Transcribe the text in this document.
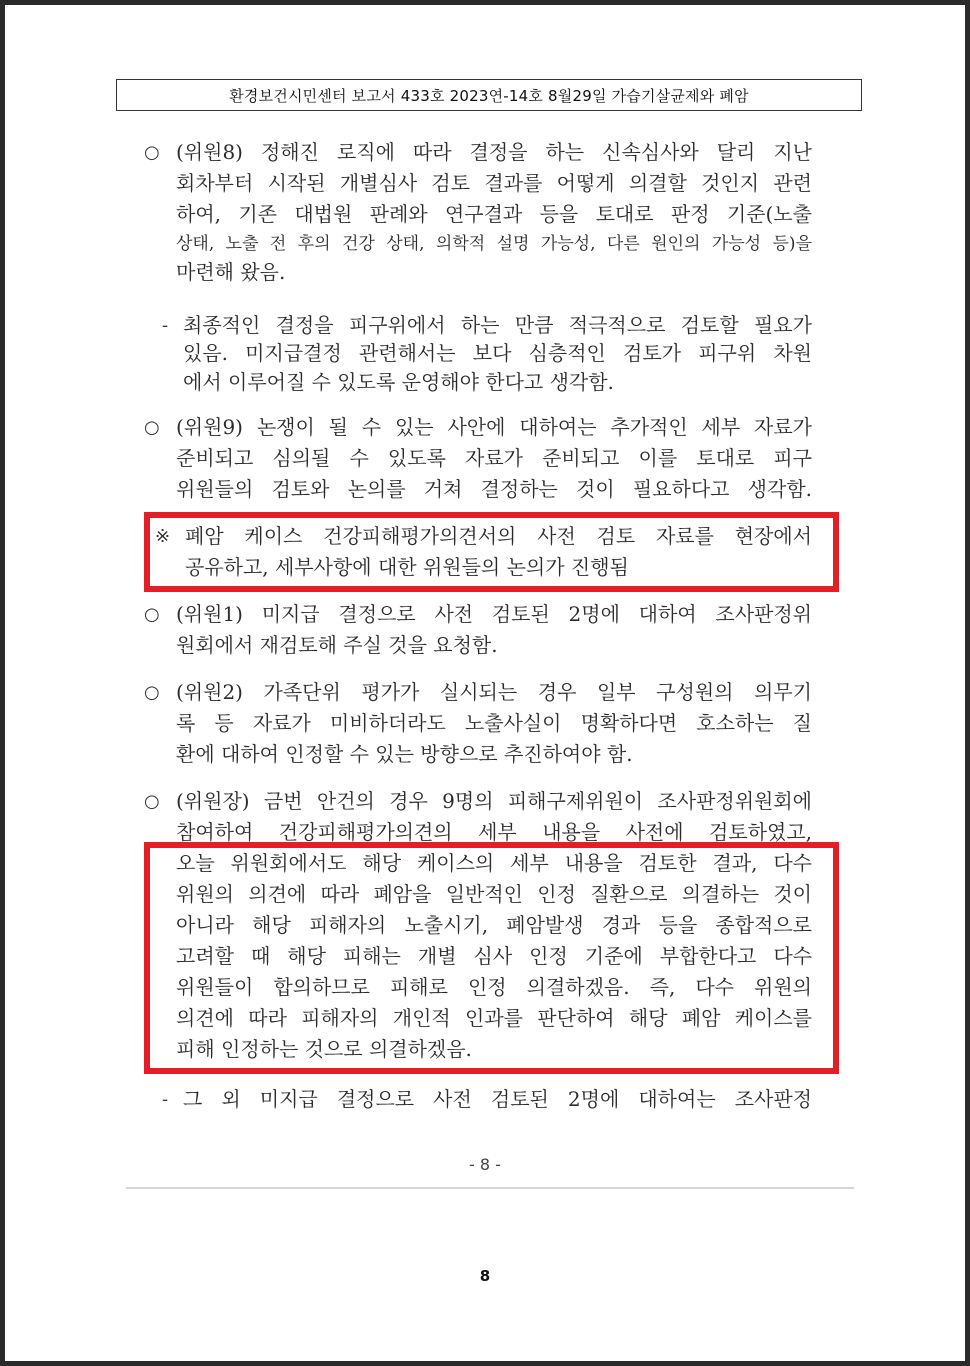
환경보건시민센터 보고서 433호 2023연-14호 8월29일 가습기살균제와 폐암
○ (위원8) 정해진 로직에 따라 결정을 하는 신속심사와 달리 지난
회차부터 시작된 개별심사 검토 결과를 어떻게 의결할 것인지 관련
하여, 기존 대법원 판례와 연구결과 등을 토대로 판정 기준(노출
상태, 노출 전 후의 건강 상태, 의학적 설명 가능성, 다른 원인의 가능성 등)을
마련해 왔음.
- 최종적인 결정을 피구위에서 하는 만큼 적극적으로 검토할 필요가
있음. 미지급결정 관련해서는 보다 심층적인 검토가 피구위 차원
에서 이루어질 수 있도록 운영해야 한다고 생각함.
○ (위원9) 논쟁이 될 수 있는 사안에 대하여는 추가적인 세부 자료가
준비되고 심의될 수 있도록 자료가 준비되고 이를 토대로 피구
위원들의 검토와 논의를 거쳐 결정하는 것이 필요하다고 생각함.
※ 폐암 케이스 건강피해평가의견서의 사전 검토 자료를 현장에서
공유하고, 세부사항에 대한 위원들의 논의가 진행됨
○ (위원1) 미지급 결정으로 사전 검토된 2명에 대하여 조사판정위
원회에서 재검토해 주실 것을 요청함.
○ (위원2) 가족단위 평가가 실시되는 경우 일부 구성원의 의무기
록 등 자료가 미비하더라도 노출사실이 명확하다면 호소하는 질
환에 대하여 인정할 수 있는 방향으로 추진하여야 함.
○ (위원장) 금번 안건의 경우 9명의 피해구제위원이 조사판정위원회에
참여하여 건강피해평가의견의 세부 내용을 사전에 검토하였고,
오늘 위원회에서도 해당 케이스의 세부 내용을 검토한 결과, 다수
위원의 의견에 따라 폐암을 일반적인 인정 질환으로 의결하는 것이
아니라 해당 피해자의 노출시기, 폐암발생 경과 등을 종합적으로
고려할 때 해당 피해는 개별 심사 인정 기준에 부합한다고 다수
위원들이 합의하므로 피해로 인정 의결하겠음. 즉, 다수 위원의
의견에 따라 피해자의 개인적 인과를 판단하여 해당 폐암 케이스를
피해 인정하는 것으로 의결하겠음.
- 그 외 미지급 결정으로 사전 검토된 2명에 대하여는 조사판정
- 8 -
8
